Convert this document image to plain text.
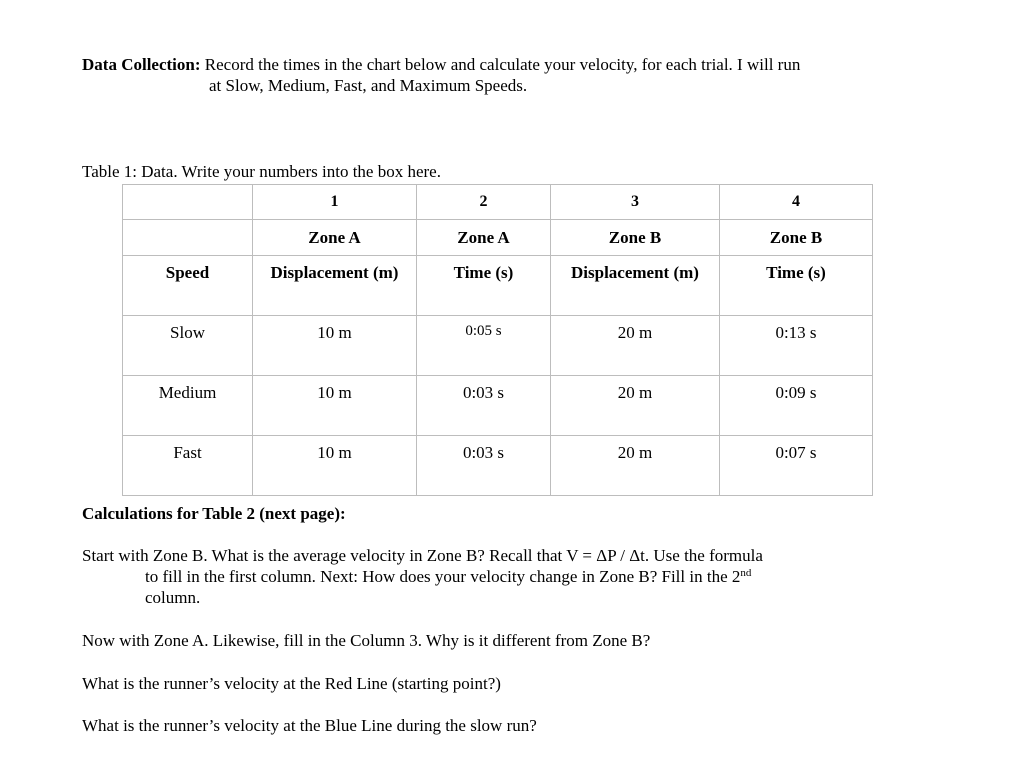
Data Collection: Record the times in the chart below and calculate your velocity, for each trial. I will run
at Slow, Medium, Fast, and Maximum Speeds.
Table 1: Data. Write your numbers into the box here.
	1	2	3	4
	Zone A	Zone A	Zone B	Zone B
Speed	Displacement (m)	Time (s)	Displacement (m)	Time (s)
Slow	10 m	0:05 s	20 m	0:13 s
Medium	10 m	0:03 s	20 m	0:09 s
Fast	10 m	0:03 s	20 m	0:07 s
Calculations for Table 2 (next page):
Start with Zone B. What is the average velocity in Zone B? Recall that V = ΔP / Δt. Use the formula
to fill in the first column. Next: How does your velocity change in Zone B? Fill in the 2nd
column.
Now with Zone A. Likewise, fill in the Column 3. Why is it different from Zone B?
What is the runner’s velocity at the Red Line (starting point?)
What is the runner’s velocity at the Blue Line during the slow run?
